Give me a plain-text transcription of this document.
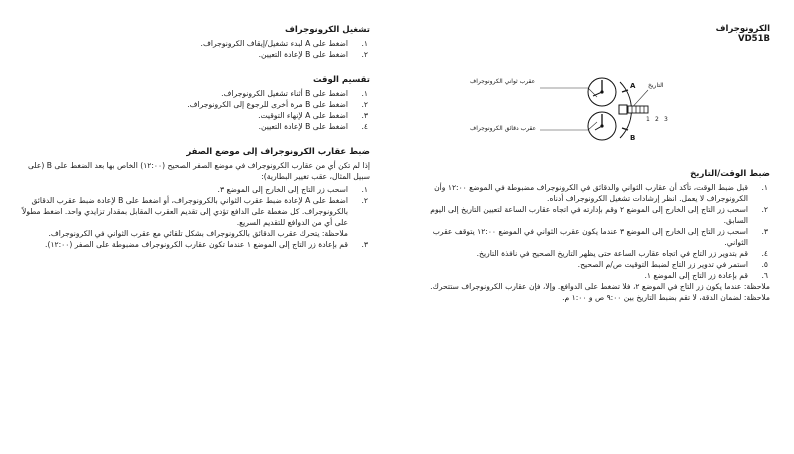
تشغيل الكرونوجراف
١.
اضغط على A لبدء تشغيل/إيقاف الكرونوجراف.
٢.
اضغط على B لإعادة التعيين.
تقسيم الوقت
١.
اضغط على B أثناء تشغيل الكرونوجراف.
٢.
اضغط على B مرة أخرى للرجوع إلى الكرونوجراف.
٣.
اضغط على A لإنهاء التوقيت.
٤.
اضغط على B لإعادة التعيين.
ضبط عقارب الكرونوجراف إلى موضع الصفر

إذا لم تكن أي من عقارب الكرونوجراف في موضع الصفر الصحيح (١٢:٠٠) الخاص بها بعد الضغط على B (على سبيل المثال، عقب تغيير البطارية):

١.
اسحب زر التاج إلى الخارج إلى الموضع ٣.
٢.
اضغط على A لإعادة ضبط عقرب الثواني بالكرونوجراف، أو اضغط على B لإعادة ضبط عقرب الدقائق بالكرونوجراف. كل ضغطة على الدافع تؤدي إلى تقديم العقرب المقابل بمقدار تزايدي واحد. اضغط مطولاً على أي من الدوافع للتقديم السريع.
ملاحظة: يتحرك عقرب الدقائق بالكرونوجراف بشكل تلقائي مع عقرب الثواني في الكرونوجراف.
٣.
قم بإعادة زر التاج إلى الموضع ١ عندما تكون عقارب الكرونوجراف مضبوطة على الصفر (١٢:٠٠).
الكرونوجراف VD51B
عقرب ثواني الكرونوجراف
عقرب دقائق الكرونوجراف
التاريخ
A
B
1 2 3
ضبط الوقت/التاريخ
١.
قبل ضبط الوقت، تأكد أن عقارب الثواني والدقائق في الكرونوجراف مضبوطة في الموضع ١٢:٠٠ وأن الكرونوجراف لا يعمل. انظر إرشادات تشغيل الكرونوجراف أدناه.
٢.
اسحب زر التاج إلى الخارج إلى الموضع ٢ وقم بإدارته في اتجاه عقارب الساعة لتعيين التاريخ إلى اليوم السابق.
٣.
اسحب زر التاج إلى الخارج إلى الموضع ٣ عندما يكون عقرب الثواني في الموضع ١٢:٠٠ يتوقف عقرب الثواني.
٤.
قم بتدوير زر التاج في اتجاه عقارب الساعة حتى يظهر التاريخ الصحيح في نافذة التاريخ.
٥.
استمر في تدوير زر التاج لضبط التوقيت ص/م الصحيح.
٦.
قم بإعادة زر التاج إلى الموضع ١.

ملاحظة: عندما يكون زر التاج في الموضع ٢، فلا تضغط على الدوافع. وإلا، فإن عقارب الكرونوجراف ستتحرك.

ملاحظة: لضمان الدقة، لا تقم بضبط التاريخ بين ٩:٠٠ ص و ١:٠٠ م.
